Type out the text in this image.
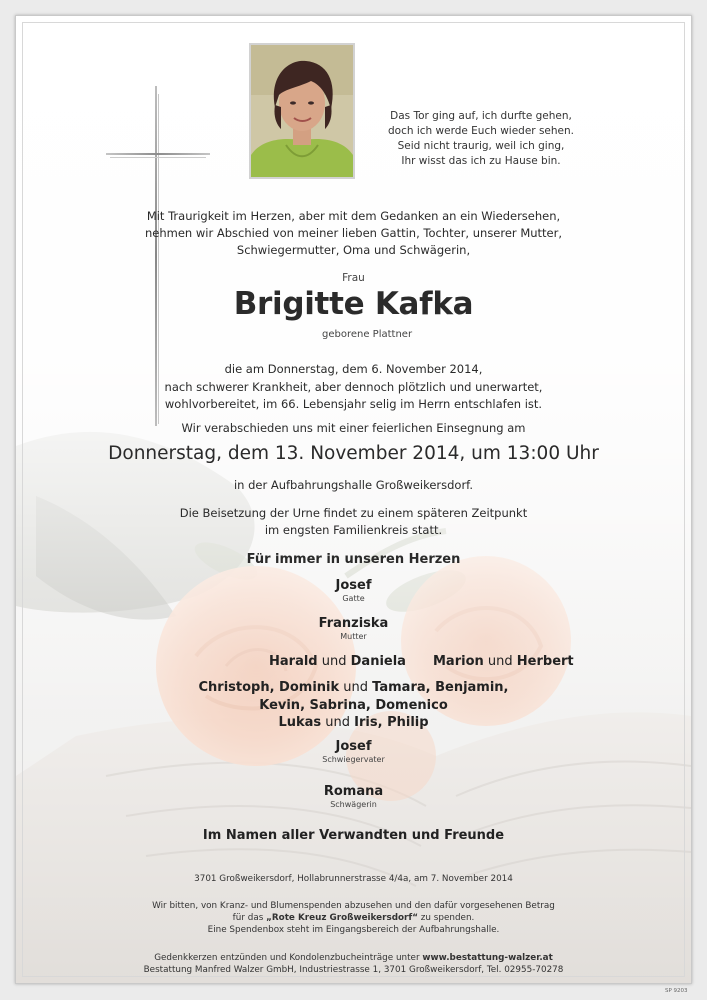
Das Tor ging auf, ich durfte gehen,
doch ich werde Euch wieder sehen.
Seid nicht traurig, weil ich ging,
Ihr wisst das ich zu Hause bin.
Mit Traurigkeit im Herzen, aber mit dem Gedanken an ein Wiedersehen,
nehmen wir Abschied von meiner lieben Gattin, Tochter, unserer Mutter,
Schwiegermutter, Oma und Schwägerin,
Frau
Brigitte Kafka
geborene Plattner
die am Donnerstag, dem 6. November 2014,
nach schwerer Krankheit, aber dennoch plötzlich und unerwartet,
wohlvorbereitet, im 66. Lebensjahr selig im Herrn entschlafen ist.
Wir verabschieden uns mit einer feierlichen Einsegnung am
Donnerstag, dem 13. November 2014, um 13:00 Uhr
in der Aufbahrungshalle Großweikersdorf.
Die Beisetzung der Urne findet zu einem späteren Zeitpunkt
im engsten Familienkreis statt.
Für immer in unseren Herzen
Josef
Gatte
Franziska
Mutter
Harald und Daniela Marion und Herbert
Christoph, Dominik und Tamara, Benjamin,
Kevin, Sabrina, Domenico
Lukas und Iris, Philip
Josef
Schwiegervater
Romana
Schwägerin
Im Namen aller Verwandten und Freunde
3701 Großweikersdorf, Hollabrunnerstrasse 4/4a, am 7. November 2014
Wir bitten, von Kranz- und Blumenspenden abzusehen und den dafür vorgesehenen Betrag
für das „Rote Kreuz Großweikersdorf“ zu spenden.
Eine Spendenbox steht im Eingangsbereich der Aufbahrungshalle.
Gedenkkerzen entzünden und Kondolenzbucheinträge unter www.bestattung-walzer.at
Bestattung Manfred Walzer GmbH, Industriestrasse 1, 3701 Großweikersdorf, Tel. 02955-70278
SP 9203
